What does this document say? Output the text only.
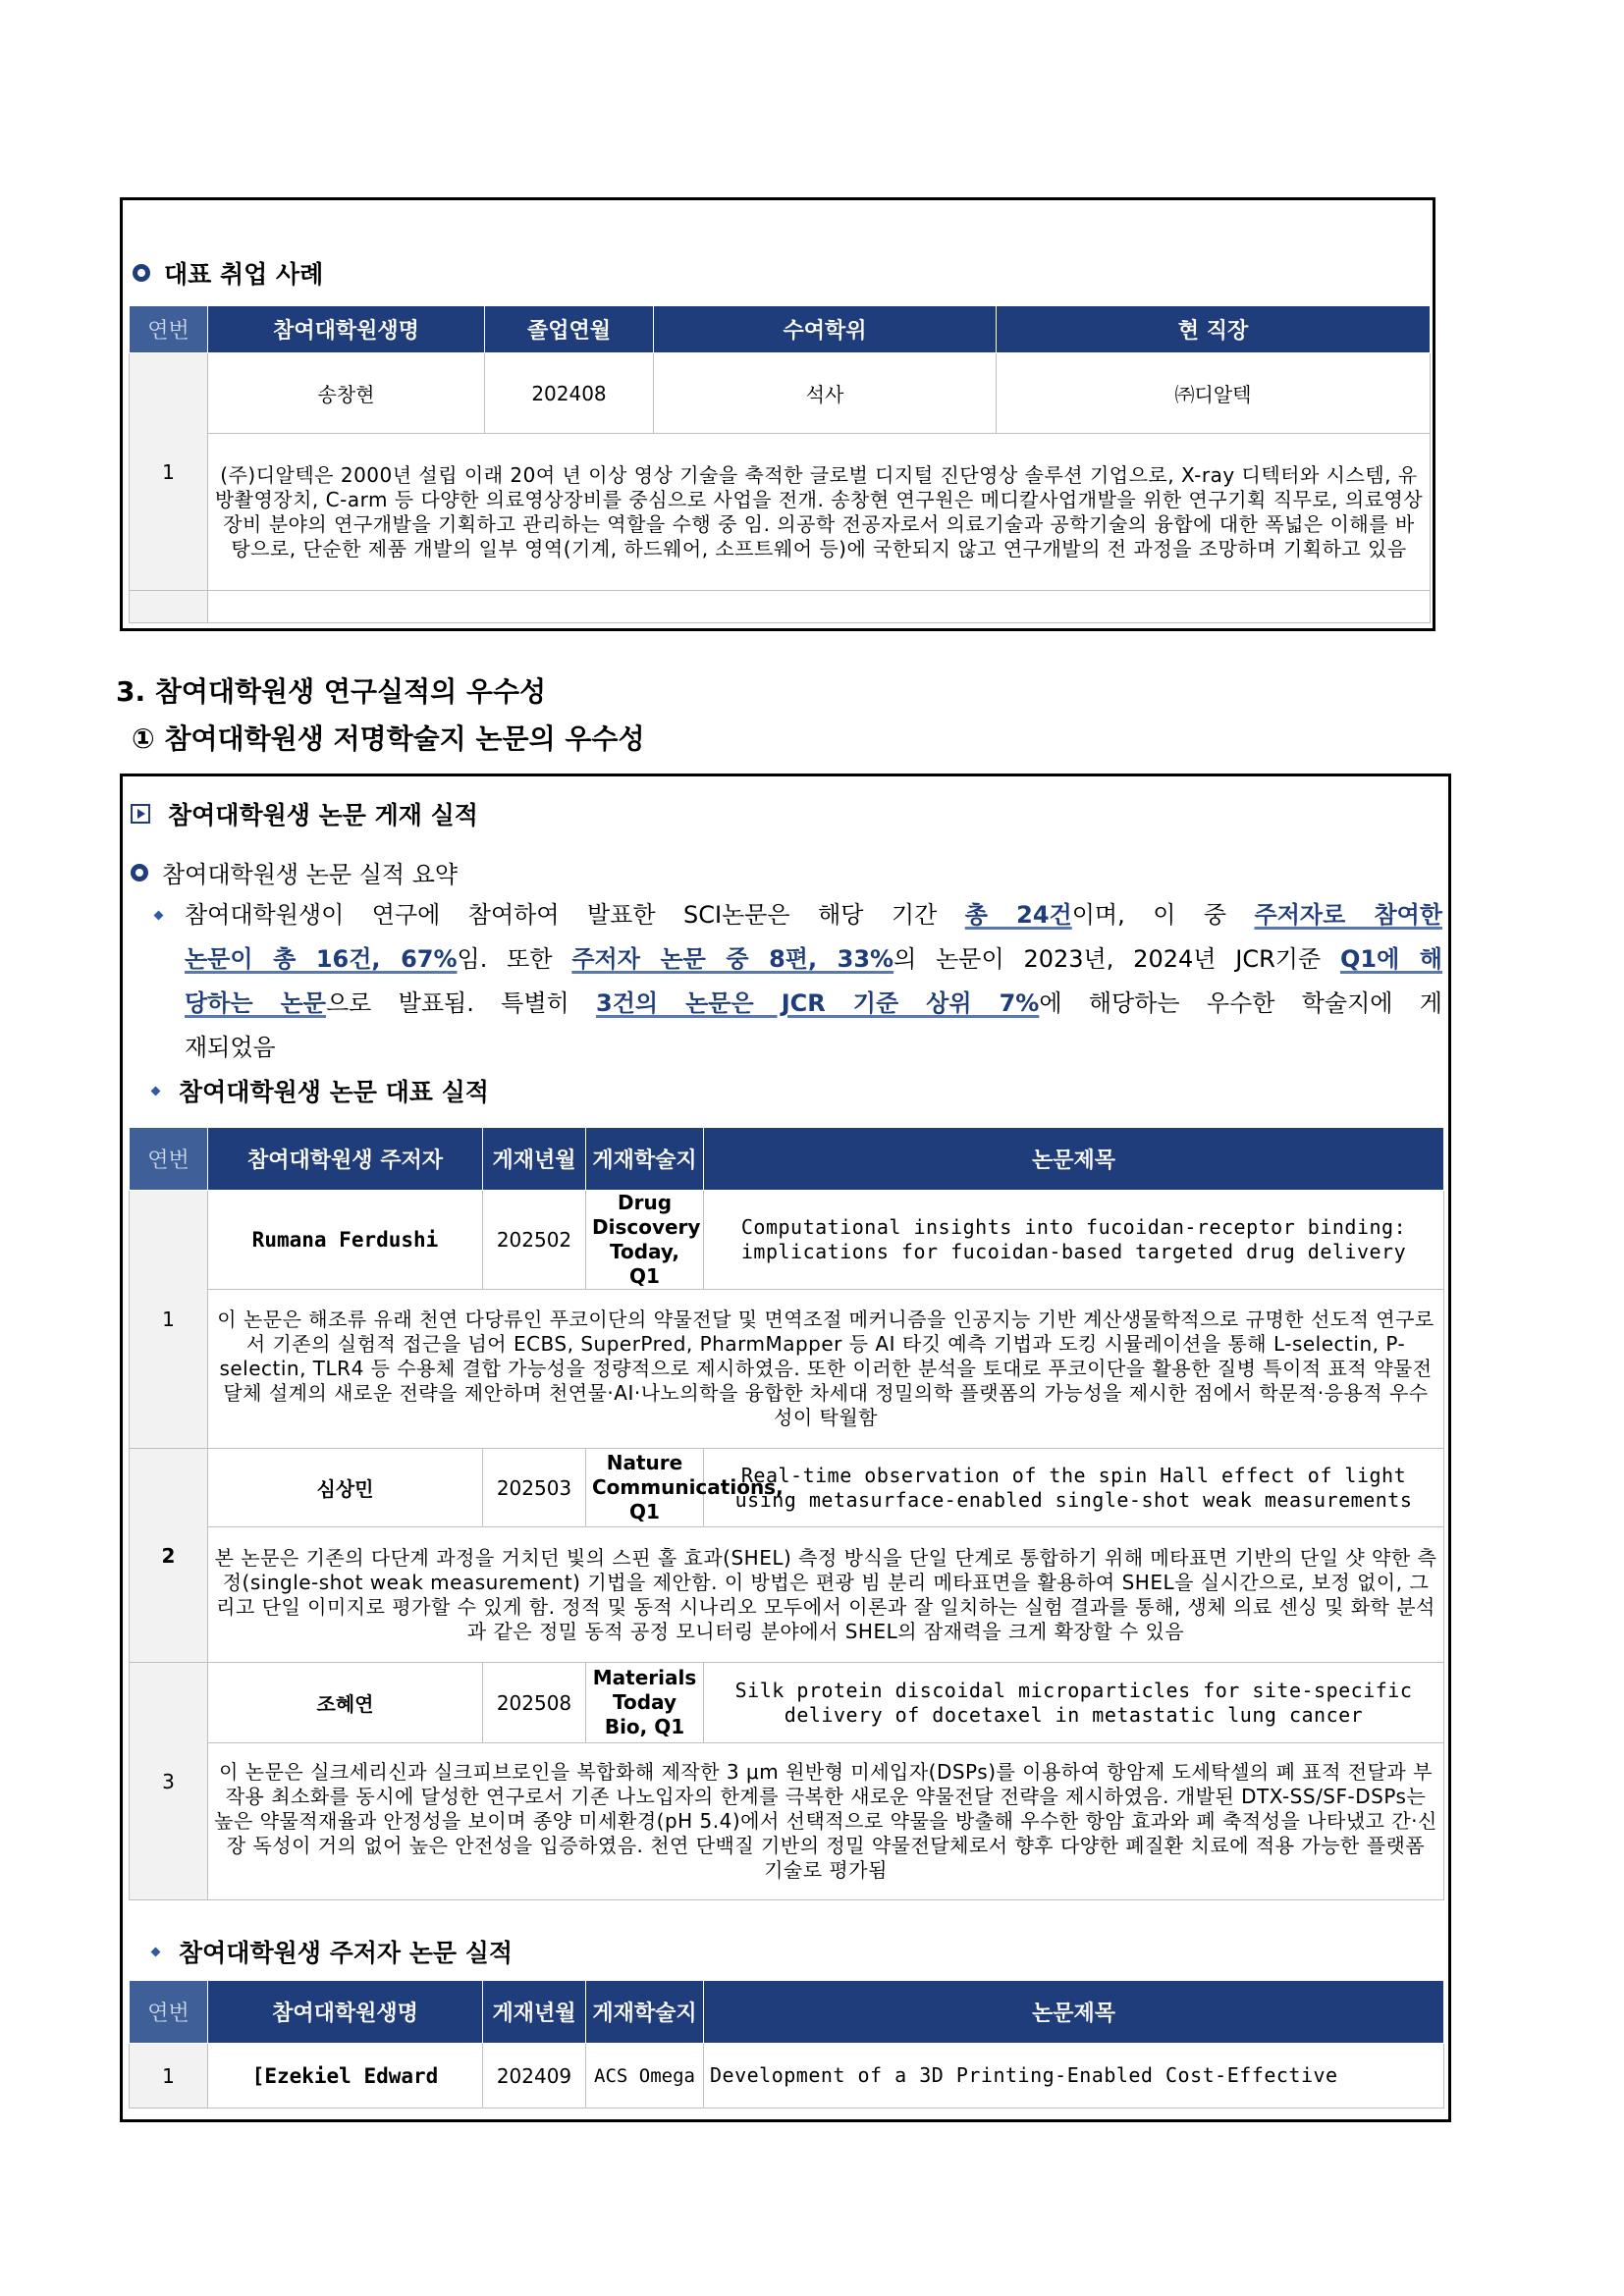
대표 취업 사례
연번	참여대학원생명	졸업연월	수여학위	현 직장
1	송창현	202408	석사	㈜디알텍
	(주)디알텍은 2000년 설립 이래 20여 년 이상 영상 기술을 축적한 글로벌 디지털 진단영상 솔루션 기업으로, X-ray 디텍터와 시스템, 유방촬영장치, C-arm 등 다양한 의료영상장비를 중심으로 사업을 전개. 송창현 연구원은 메디칼사업개발을 위한 연구기획 직무로, 의료영상장비 분야의 연구개발을 기획하고 관리하는 역할을 수행 중 임. 의공학 전공자로서 의료기술과 공학기술의 융합에 대한 폭넓은 이해를 바탕으로, 단순한 제품 개발의 일부 영역(기계, 하드웨어, 소프트웨어 등)에 국한되지 않고 연구개발의 전 과정을 조망하며 기획하고 있음			

3. 참여대학원생 연구실적의 우수성
① 참여대학원생 저명학술지 논문의 우수성
참여대학원생 논문 게재 실적
참여대학원생 논문 실적 요약
참여대학원생이 연구에 참여하여 발표한 SCI논문은 해당 기간 총 24건이며, 이 중 주저자로 참여한
논문이 총 16건, 67%임. 또한 주저자 논문 중 8편, 33%의 논문이 2023년, 2024년 JCR기준 Q1에 해
당하는 논문으로 발표됨. 특별히 3건의 논문은 JCR 기준 상위 7%에 해당하는 우수한 학술지에 게
재되었음
참여대학원생 논문 대표 실적
연번	참여대학원생 주저자	게재년월	게재학술지	논문제목
1	Rumana Ferdushi	202502	Drug Discovery Today, Q1	Computational insights into fucoidan-receptor binding: implications for fucoidan-based targeted drug delivery
	이 논문은 해조류 유래 천연 다당류인 푸코이단의 약물전달 및 면역조절 메커니즘을 인공지능 기반 계산생물학적으로 규명한 선도적 연구로서 기존의 실험적 접근을 넘어 ECBS, SuperPred, PharmMapper 등 AI 타깃 예측 기법과 도킹 시뮬레이션을 통해 L-selectin, P-selectin, TLR4 등 수용체 결합 가능성을 정량적으로 제시하였음. 또한 이러한 분석을 토대로 푸코이단을 활용한 질병 특이적 표적 약물전달체 설계의 새로운 전략을 제안하며 천연물·AI·나노의학을 융합한 차세대 정밀의학 플랫폼의 가능성을 제시한 점에서 학문적·응용적 우수성이 탁월함			
2	심상민	202503	Nature Communications, Q1	Real-time observation of the spin Hall effect of light using metasurface-enabled single-shot weak measurements
	본 논문은 기존의 다단계 과정을 거치던 빛의 스핀 홀 효과(SHEL) 측정 방식을 단일 단계로 통합하기 위해 메타표면 기반의 단일 샷 약한 측정(single-shot weak measurement) 기법을 제안함. 이 방법은 편광 빔 분리 메타표면을 활용하여 SHEL을 실시간으로, 보정 없이, 그리고 단일 이미지로 평가할 수 있게 함. 정적 및 동적 시나리오 모두에서 이론과 잘 일치하는 실험 결과를 통해, 생체 의료 센싱 및 화학 분석과 같은 정밀 동적 공정 모니터링 분야에서 SHEL의 잠재력을 크게 확장할 수 있음			
3	조혜연	202508	Materials Today Bio, Q1	Silk protein discoidal microparticles for site-specific delivery of docetaxel in metastatic lung cancer
	이 논문은 실크세리신과 실크피브로인을 복합화해 제작한 3 μm 원반형 미세입자(DSPs)를 이용하여 항암제 도세탁셀의 폐 표적 전달과 부작용 최소화를 동시에 달성한 연구로서 기존 나노입자의 한계를 극복한 새로운 약물전달 전략을 제시하였음. 개발된 DTX-SS/SF-DSPs는 높은 약물적재율과 안정성을 보이며 종양 미세환경(pH 5.4)에서 선택적으로 약물을 방출해 우수한 항암 효과와 폐 축적성을 나타냈고 간·신장 독성이 거의 없어 높은 안전성을 입증하였음. 천연 단백질 기반의 정밀 약물전달체로서 향후 다양한 폐질환 치료에 적용 가능한 플랫폼 기술로 평가됨			
참여대학원생 주저자 논문 실적
연번	참여대학원생명	게재년월	게재학술지	논문제목
1	[Ezekiel Edward	202409	ACS Omega	Development of a 3D Printing-Enabled Cost-Effective
